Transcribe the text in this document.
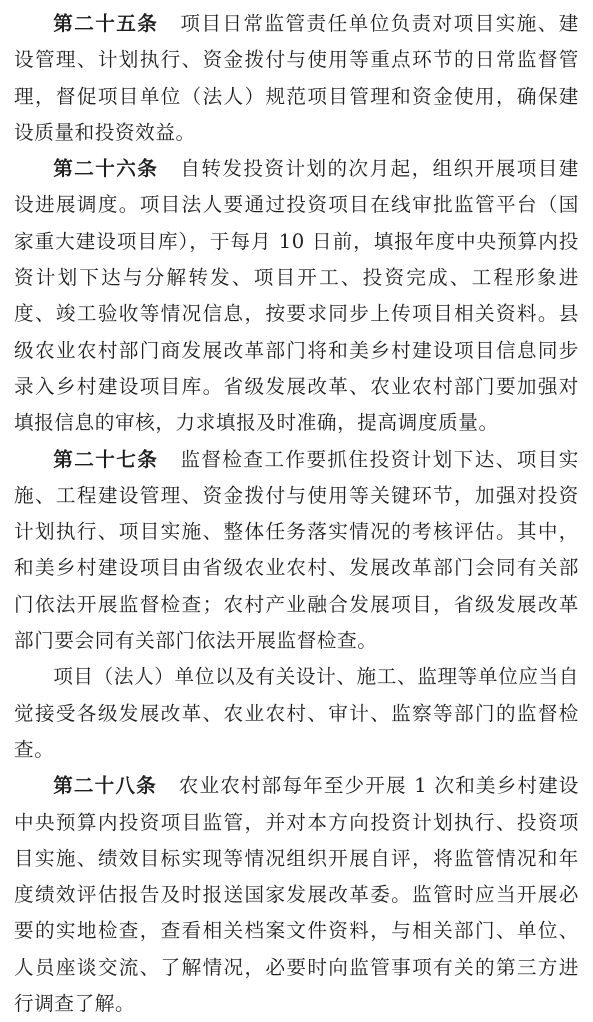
第二十五条 项目日常监管责任单位负责对项目实施、建设管理、计划执行、资金拨付与使用等重点环节的日常监督管理，督促项目单位（法人）规范项目管理和资金使用，确保建设质量和投资效益。

第二十六条 自转发投资计划的次月起，组织开展项目建设进展调度。项目法人要通过投资项目在线审批监管平台（国家重大建设项目库），于每月 10 日前，填报年度中央预算内投资计划下达与分解转发、项目开工、投资完成、工程形象进度、竣工验收等情况信息，按要求同步上传项目相关资料。县级农业农村部门商发展改革部门将和美乡村建设项目信息同步录入乡村建设项目库。省级发展改革、农业农村部门要加强对填报信息的审核，力求填报及时准确，提高调度质量。

第二十七条 监督检查工作要抓住投资计划下达、项目实施、工程建设管理、资金拨付与使用等关键环节，加强对投资计划执行、项目实施、整体任务落实情况的考核评估。其中，和美乡村建设项目由省级农业农村、发展改革部门会同有关部门依法开展监督检查；农村产业融合发展项目，省级发展改革部门要会同有关部门依法开展监督检查。

项目（法人）单位以及有关设计、施工、监理等单位应当自觉接受各级发展改革、农业农村、审计、监察等部门的监督检查。

第二十八条 农业农村部每年至少开展 1 次和美乡村建设中央预算内投资项目监管，并对本方向投资计划执行、投资项目实施、绩效目标实现等情况组织开展自评，将监管情况和年度绩效评估报告及时报送国家发展改革委。监管时应当开展必要的实地检查，查看相关档案文件资料，与相关部门、单位、人员座谈交流、了解情况，必要时向监管事项有关的第三方进行调查了解。
